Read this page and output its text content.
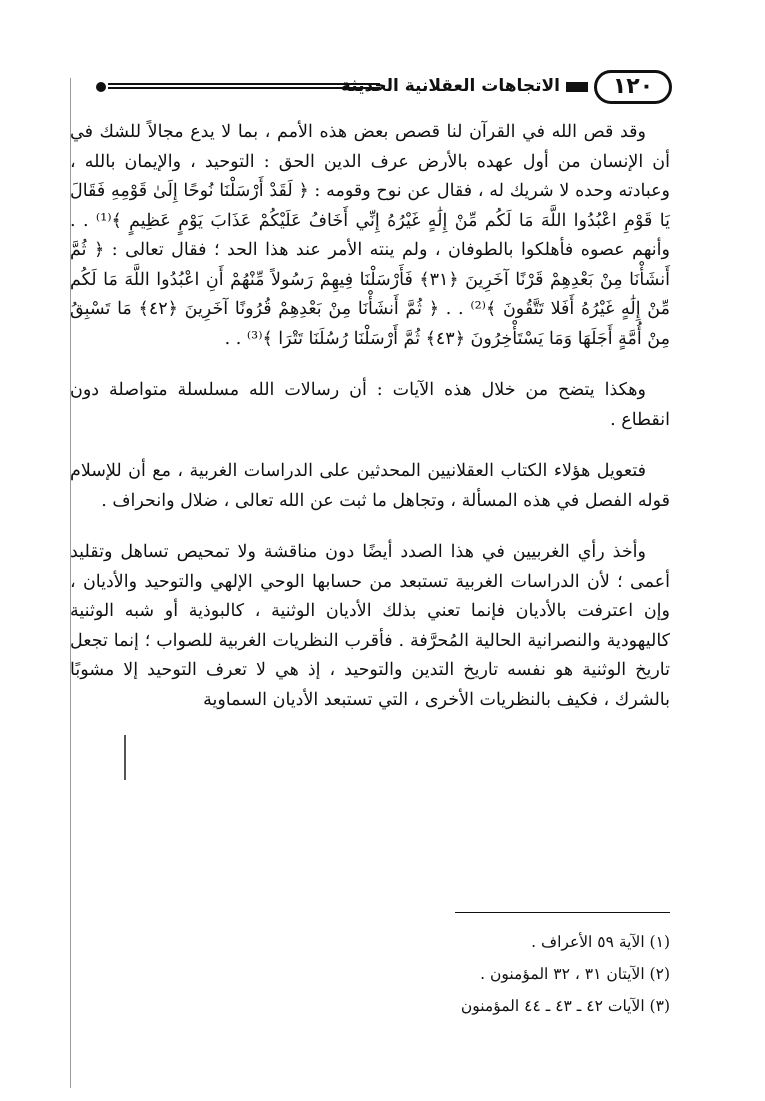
١٢٠
الاتجاهات العقلانية الحديثة

وقد قص الله في القرآن لنا قصص بعض هذه الأمم ، بما لا يدع مجالاً للشك في أن الإنسان من أول عهده بالأرض عرف الدين الحق : التوحيد ، والإيمان بالله ، وعبادته وحده لا شريك له ، فقال عن نوح وقومه : ﴿ لَقَدْ أَرْسَلْنَا نُوحًا إِلَىٰ قَوْمِهِ فَقَالَ يَا قَوْمِ اعْبُدُوا اللَّهَ مَا لَكُم مِّنْ إِلَٰهٍ غَيْرُهُ إِنِّي أَخَافُ عَلَيْكُمْ عَذَابَ يَوْمٍ عَظِيمٍ ﴾⁽¹⁾ . . وأنهم عصوه فأهلكوا بالطوفان ، ولم ينته الأمر عند هذا الحد ؛ فقال تعالى : ﴿ ثُمَّ أَنشَأْنَا مِنْ بَعْدِهِمْ قَرْنًا آخَرِينَ ﴿٣١﴾ فَأَرْسَلْنَا فِيهِمْ رَسُولاً مِّنْهُمْ أَنِ اعْبُدُوا اللَّهَ مَا لَكُم مِّنْ إِلَٰهٍ غَيْرُهُ أَفَلا تَتَّقُونَ ﴾⁽²⁾ . . ﴿ ثُمَّ أَنشَأْنَا مِنْ بَعْدِهِمْ قُرُونًا آخَرِينَ ﴿٤٢﴾ مَا تَسْبِقُ مِنْ أُمَّةٍ أَجَلَهَا وَمَا يَسْتَأْخِرُونَ ﴿٤٣﴾ ثُمَّ أَرْسَلْنَا رُسُلَنَا تَتْرَا ﴾⁽³⁾ . .

وهكذا يتضح من خلال هذه الآيات : أن رسالات الله مسلسلة متواصلة دون انقطاع .

فتعويل هؤلاء الكتاب العقلانيين المحدثين على الدراسات الغربية ، مع أن للإسلام قوله الفصل في هذه المسألة ، وتجاهل ما ثبت عن الله تعالى ، ضلال وانحراف .

وأخذ رأي الغربيين في هذا الصدد أيضًا دون مناقشة ولا تمحيص تساهل وتقليد أعمى ؛ لأن الدراسات الغربية تستبعد من حسابها الوحي الإلهي والتوحيد والأديان ، وإن اعترفت بالأديان فإنما تعني بذلك الأديان الوثنية ، كالبوذية أو شبه الوثنية كاليهودية والنصرانية الحالية المُحرَّفة . فأقرب النظريات الغربية للصواب ؛ إنما تجعل تاريخ الوثنية هو نفسه تاريخ التدين والتوحيد ، إذ هي لا تعرف التوحيد إلا مشوبًا بالشرك ، فكيف بالنظريات الأخرى ، التي تستبعد الأديان السماوية

(١) الآية ٥٩ الأعراف .

(٢) الآيتان ٣١ ، ٣٢ المؤمنون .

(٣) الآيات ٤٢ ـ ٤٣ ـ ٤٤ المؤمنون
